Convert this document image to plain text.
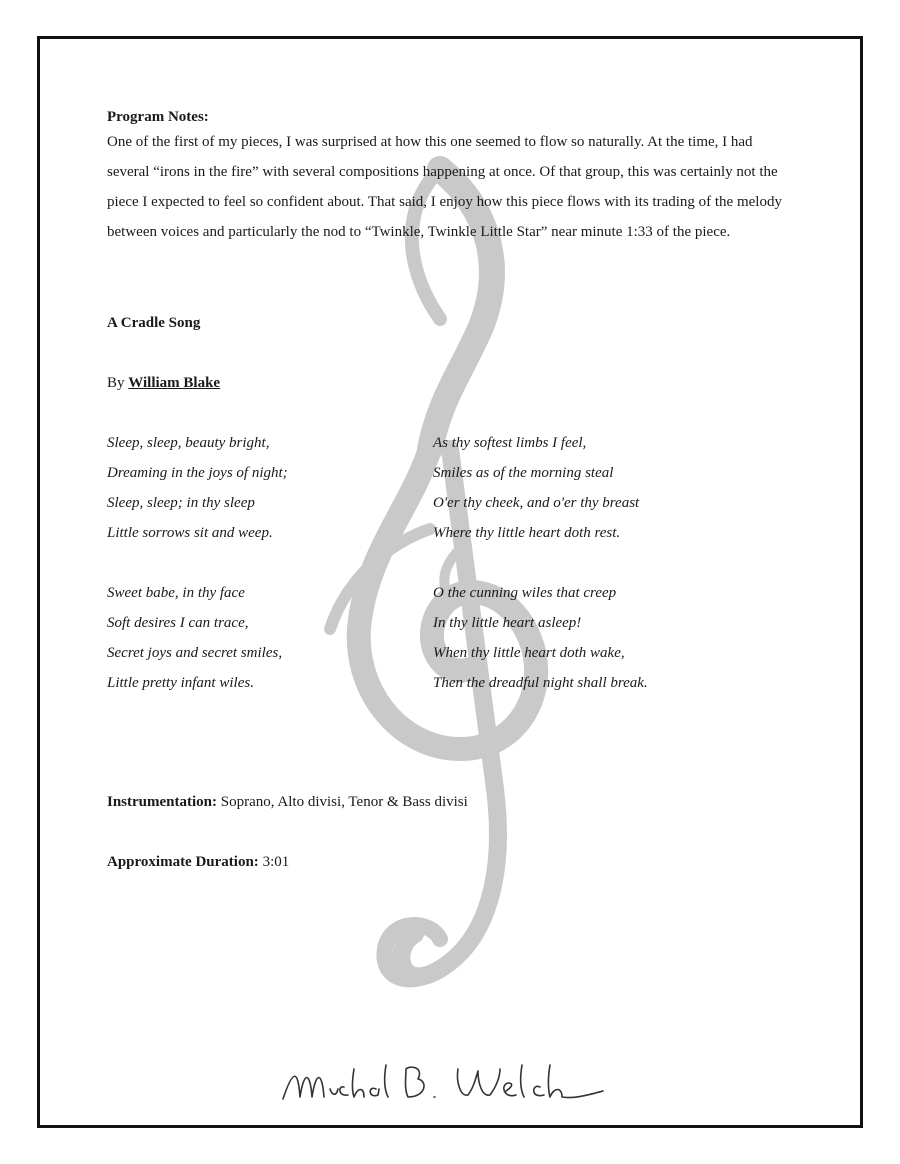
Program Notes:

One of the first of my pieces, I was surprised at how this one seemed to flow so naturally. At the time, I had several “irons in the fire” with several compositions happening at once. Of that group, this was certainly not the piece I expected to feel so confident about. That said, I enjoy how this piece flows with its trading of the melody between voices and particularly the nod to “Twinkle, Twinkle Little Star” near minute 1:33 of the piece.

A Cradle Song
By William Blake
Sleep, sleep, beauty bright,
Dreaming in the joys of night;
Sleep, sleep; in thy sleep
Little sorrows sit and weep.
Sweet babe, in thy face
Soft desires I can trace,
Secret joys and secret smiles,
Little pretty infant wiles.
As thy softest limbs I feel,
Smiles as of the morning steal
O'er thy cheek, and o'er thy breast
Where thy little heart doth rest.
O the cunning wiles that creep
In thy little heart asleep!
When thy little heart doth wake,
Then the dreadful night shall break.
Instrumentation: Soprano, Alto divisi, Tenor & Bass divisi
Approximate Duration: 3:01
